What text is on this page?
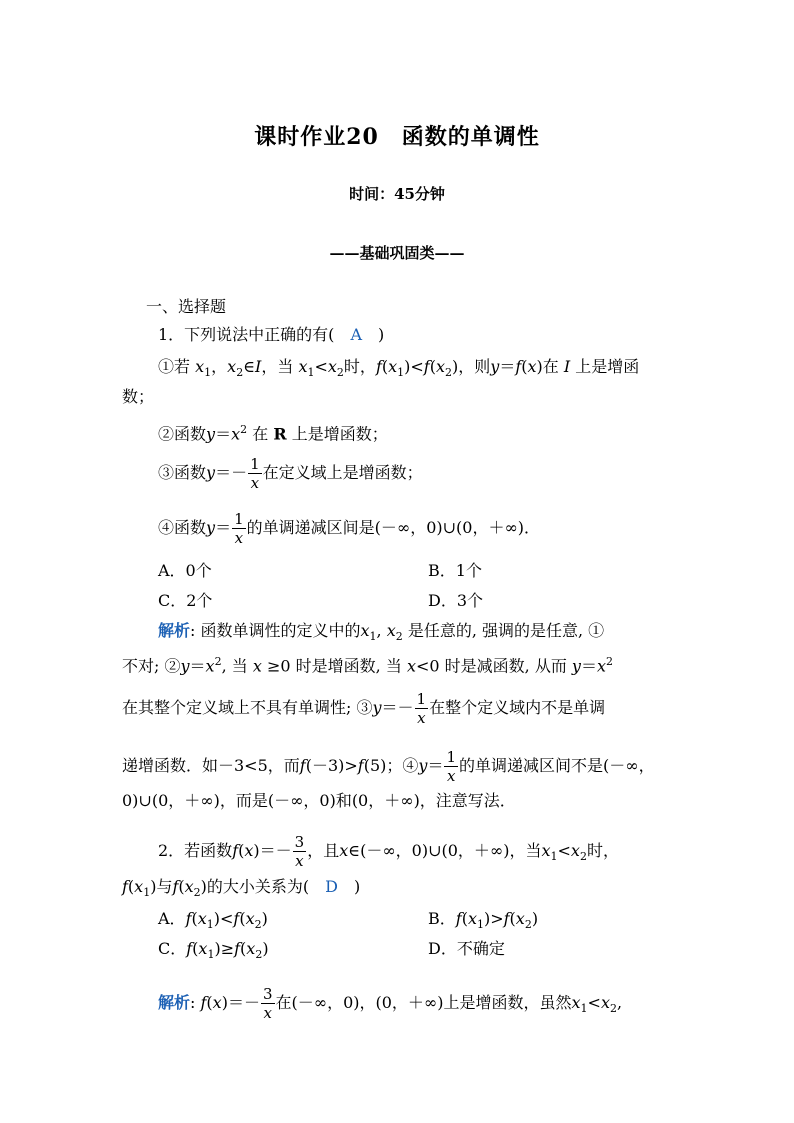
课时作业20　函数的单调性
时间：45分钟
——基础巩固类——
一、选择题
1．下列说法中正确的有(　A　)
①若 $x_1$，$x_2\in I$，当 $x_1<x_2$时，$f(x_1)<f(x_2)$，则y＝f(x)在 I 上是增函
数；
②函数$y=x^2$ 在 R 上是增函数；
③函数$y=- \frac{1}{x}$ 在定义域上是增函数；
④函数$y= \frac{1}{x}$ 的单调递减区间是(－∞，0)∪(0，＋∞)．
A．0个	B．1个
C．2个	D．3个
解析: 函数单调性的定义中的$x_1$, $x_2$ 是任意的, 强调的是任意, ①
不对; $②y=x^2$, 当 x ≥0 时是增函数, 当 x<0 时是减函数, 从而 $y=x^2$
在其整个定义域上不具有单调性; ③y＝－ $\frac{1}{x}$ 在整个定义域内不是单调
递增函数．如－3<5，而f(－3)>f(5)；④y＝ $\frac{1}{x}$ 的单调递减区间不是(－∞，
0)∪(0，＋∞)，而是(－∞，0)和(0，＋∞)，注意写法．
2．若函数$f(x)=- \frac{3}{x}$ ，且x∈(－∞，0)∪(0，＋∞)，当$x_1<x_2$时，
$f(x_1)$与$f(x_2)$的大小关系为(　D　)
A．$f(x_1)<f(x_2)$	B．$f(x_1)>f(x_2)$
C．$f(x_1)\ge f(x_2)$	D．不确定
解析: $f(x)=- \frac{3}{x}$ 在(－∞，0)，(0，＋∞)上是增函数，虽然$x_1<x_2$,
